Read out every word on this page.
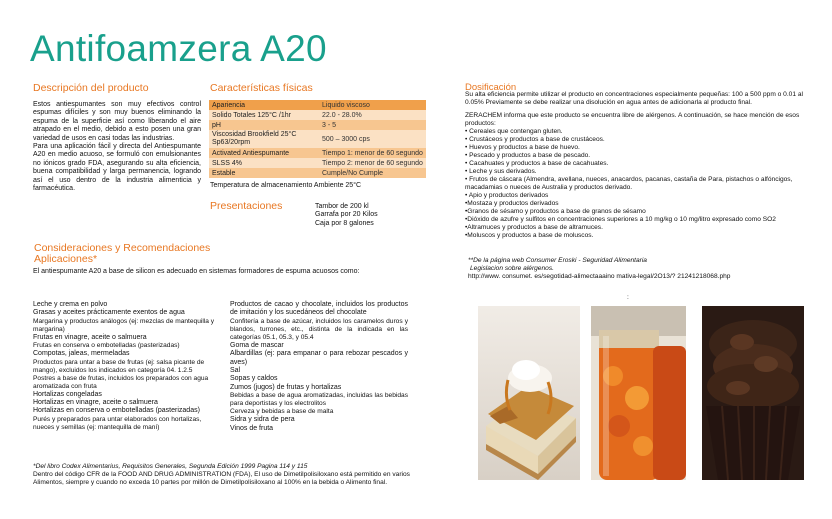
Antifoamzera A20
Descripción del producto
Estos antiespumantes son muy efectivos control espumas difíciles y son muy buenos eliminando la espuma de la superficie así como liberando el aire atrapado en el medio, debido a esto posen una gran variedad de usos en casi todas las industrias.
Para una aplicación fácil y directa del Antiespumante A20 en medio acuoso, se formuló con emulsionantes no iónicos grado FDA, asegurando su alta eficiencia, buena compatibilidad y larga permanencia, logrando así el uso dentro de la industria alimenticia y farmacéutica.
Características físicas
Apariencia	Liquido viscoso
Solido Totales 125°C /1hr	22.0 - 28.0%
pH	3 - 5
Viscosidad Brookfield 25°C Sp63/20rpm	500 – 3000 cps
Activated Antiespumante	Tiempo 1: menor de 60 segundo
SLSS 4%	Tiempo 2: menor de 60 segundo
Estable	Cumple/No Cumple
Temperatura de almacenamiento Ambiente 25°C
Presentaciones	Tambor de 200 kl
Garrafa por 20 Kilos
Caja por 8 galones
Consideraciones y Recomendaciones
Aplicaciones*
El antiespumante A20 a base de silicon es adecuado en sistemas formadores de espuma acuosos como:
Leche y crema en polvo
Grasas y aceites prácticamente exentos de agua
Margarina y productos análogos (ej: mezclas de mantequilla y margarina)
Frutas en vinagre, aceite o salmuera
Frutas en conserva o embotelladas (pasterizadas)
Compotas, jaleas, mermeladas
Productos para untar a base de frutas (ej: salsa picante de mango), excluidos los indicados en categoría 04. 1.2.5
Postres a base de frutas, incluidos los preparados con agua aromatizada con fruta
Hortalizas congeladas
Hortalizas en vinagre, aceite o salmuera
Hortalizas en conserva o embotelladas (pasterizadas)
Purés y preparados para untar elaborados con hortalizas, nueces y semillas (ej: mantequilla de maní)
Productos de cacao y chocolate, incluidos los productos de imitación y los sucedáneos del chocolate
Confitería a base de azúcar, incluidos los caramelos duros y blandos, turrones, etc., distinta de la indicada en las categorías 05.1, 05.3, y 05.4
Goma de mascar
Albardillas (ej: para empanar o para rebozar pescados y aves)
Sal
Sopas y caldos
Zumos (jugos) de frutas y hortalizas
Bebidas a base de agua aromatizadas, incluidas las bebidas para deportistas y los electrolitos
Cerveza y bebidas a base de malta
Sidra y sidra de pera
Vinos de fruta
*Del libro Codex Alimentarius, Requisitos Generales, Segunda Edición 1999 Pagina 114 y 115
Dentro del código CFR de la FOOD AND DRUG ADMINISTRATION (FDA), El uso de Dimetilpolisiloxano está permitido en varios Alimentos, siempre y cuando no exceda 10 partes por millón de Dimetilpolisiloxano al 100% en la bebida o Alimento final.
Dosificación
Su alta eficiencia permite utilizar el producto en concentraciones especialmente pequeñas: 100 a 500 ppm o 0.01 al 0.05% Previamente se debe realizar una disolución en agua antes de adicionarla al producto final.
ZERACHEM informa que este producto se encuentra libre de alérgenos. A continuación, se hace mención de esos productos:
• Cereales que contengan gluten.
• Crustáceos y productos a base de crustáceos.
• Huevos y productos a base de huevo.
• Pescado y productos a base de pescado.
• Cacahuates y productos a base de cacahuates.
• Leche y sus derivados.
• Frutos de cáscara (Almendra, avellana, nueces, anacardos, pacanas, castaña de Para, pistachos o alfóncigos, macadamias o nueces de Australia y productos derivado.
• Apio y productos derivados
•Mostaza y productos derivados
•Granos de sésamo y productos a base de granos de sésamo
•Dióxido de azufre y sulfitos en concentraciones superiores a 10 mg/kg o 10 mg/litro expresado como SO2
•Altramuces y productos a base de altramuces.
•Moluscos y productos a base de moluscos.
**De la página web Consumer Eroski - Seguridad Alimentaria
Legislacion sobre alérgenos.
http://www. consumet. es/segotidad-alimectaaaino mativa-legal/2O13/? 21241218068.php
:
